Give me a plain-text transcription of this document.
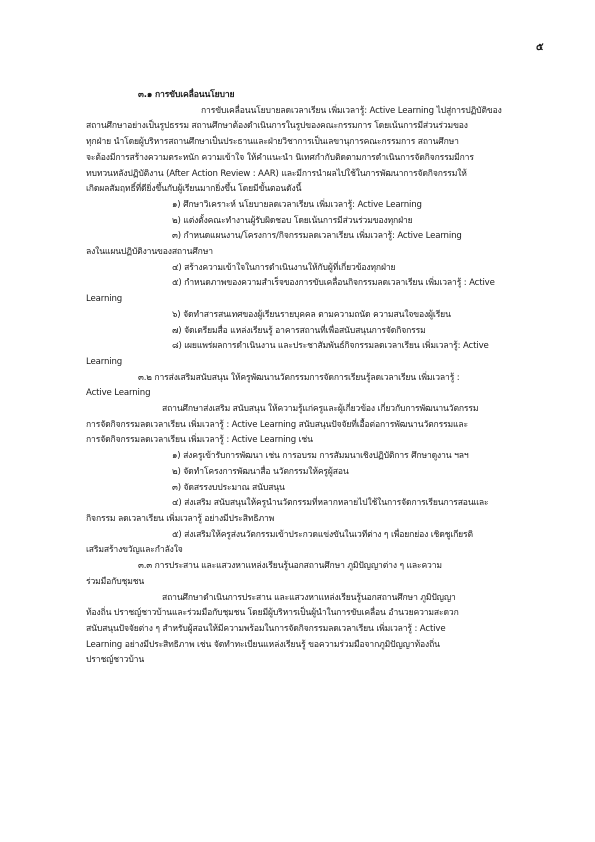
๕

๓.๑ การขับเคลื่อนนโยบาย

การขับเคลื่อนนโยบายลดเวลาเรียน เพิ่มเวลารู้: Active Learning ไปสู่การปฏิบัติของ

สถานศึกษาอย่างเป็นรูปธรรม สถานศึกษาต้องดำเนินการในรูปของคณะกรรมการ โดยเน้นการมีส่วนร่วมของ

ทุกฝ่าย นำโดยผู้บริหารสถานศึกษาเป็นประธานและฝ่ายวิชาการเป็นเลขานุการคณะกรรมการ สถานศึกษา

จะต้องมีการสร้างความตระหนัก ความเข้าใจ ให้คำแนะนำ นิเทศกำกับติดตามการดำเนินการจัดกิจกรรมมีการ

ทบทวนหลังปฏิบัติงาน (After Action Review : AAR) และมีการนำผลไปใช้ในการพัฒนาการจัดกิจกรรมให้

เกิดผลสัมฤทธิ์ที่ดียิ่งขึ้นกับผู้เรียนมากยิ่งขึ้น โดยมีขั้นตอนดังนี้

๑) ศึกษาวิเคราะห์ นโยบายลดเวลาเรียน เพิ่มเวลารู้: Active Learning

๒) แต่งตั้งคณะทำงานผู้รับผิดชอบ โดยเน้นการมีส่วนร่วมของทุกฝ่าย

๓) กำหนดแผนงาน/โครงการ/กิจกรรมลดเวลาเรียน เพิ่มเวลารู้: Active Learning

ลงในแผนปฏิบัติงานของสถานศึกษา

๔) สร้างความเข้าใจในการดำเนินงานให้กับผู้ที่เกี่ยวข้องทุกฝ่าย

๕) กำหนดภาพของความสำเร็จของการขับเคลื่อนกิจกรรมลดเวลาเรียน เพิ่มเวลารู้ : Active

Learning

๖) จัดทำสารสนเทศของผู้เรียนรายบุคคล ตามความถนัด ความสนใจของผู้เรียน

๗) จัดเตรียมสื่อ แหล่งเรียนรู้ อาคารสถานที่เพื่อสนับสนุนการจัดกิจกรรม

๘) เผยแพร่ผลการดำเนินงาน และประชาสัมพันธ์กิจกรรมลดเวลาเรียน เพิ่มเวลารู้: Active

Learning

๓.๒ การส่งเสริมสนับสนุน ให้ครูพัฒนานวัตกรรมการจัดการเรียนรู้ลดเวลาเรียน เพิ่มเวลารู้ :

Active Learning

สถานศึกษาส่งเสริม สนับสนุน ให้ความรู้แก่ครูและผู้เกี่ยวข้อง เกี่ยวกับการพัฒนานวัตกรรม

การจัดกิจกรรมลดเวลาเรียน เพิ่มเวลารู้ : Active Learning สนับสนุนปัจจัยที่เอื้อต่อการพัฒนานวัตกรรมและ

การจัดกิจกรรมลดเวลาเรียน เพิ่มเวลารู้ : Active Learning เช่น

๑) ส่งครูเข้ารับการพัฒนา เช่น การอบรม การสัมมนาเชิงปฏิบัติการ ศึกษาดูงาน ฯลฯ

๒) จัดทำโครงการพัฒนาสื่อ นวัตกรรมให้ครูผู้สอน

๓) จัดสรรงบประมาณ สนับสนุน

๔) ส่งเสริม สนับสนุนให้ครูนำนวัตกรรมที่หลากหลายไปใช้ในการจัดการเรียนการสอนและ

กิจกรรม ลดเวลาเรียน เพิ่มเวลารู้ อย่างมีประสิทธิภาพ

๕) ส่งเสริมให้ครูส่งนวัตกรรมเข้าประกวดแข่งขันในเวทีต่าง ๆ เพื่อยกย่อง เชิดชูเกียรติ

เสริมสร้างขวัญและกำลังใจ

๓.๓ การประสาน และแสวงหาแหล่งเรียนรู้นอกสถานศึกษา ภูมิปัญญาต่าง ๆ และความ

ร่วมมือกับชุมชน

สถานศึกษาดำเนินการประสาน และแสวงหาแหล่งเรียนรู้นอกสถานศึกษา ภูมิปัญญา

ท้องถิ่น ปราชญ์ชาวบ้านและร่วมมือกับชุมชน โดยมีผู้บริหารเป็นผู้นำในการขับเคลื่อน อำนวยความสะดวก

สนับสนุนปัจจัยต่าง ๆ สำหรับผู้สอนให้มีความพร้อมในการจัดกิจกรรมลดเวลาเรียน เพิ่มเวลารู้ : Active

Learning อย่างมีประสิทธิภาพ เช่น จัดทำทะเบียนแหล่งเรียนรู้ ขอความร่วมมือจากภูมิปัญญาท้องถิ่น

ปราชญ์ชาวบ้าน
